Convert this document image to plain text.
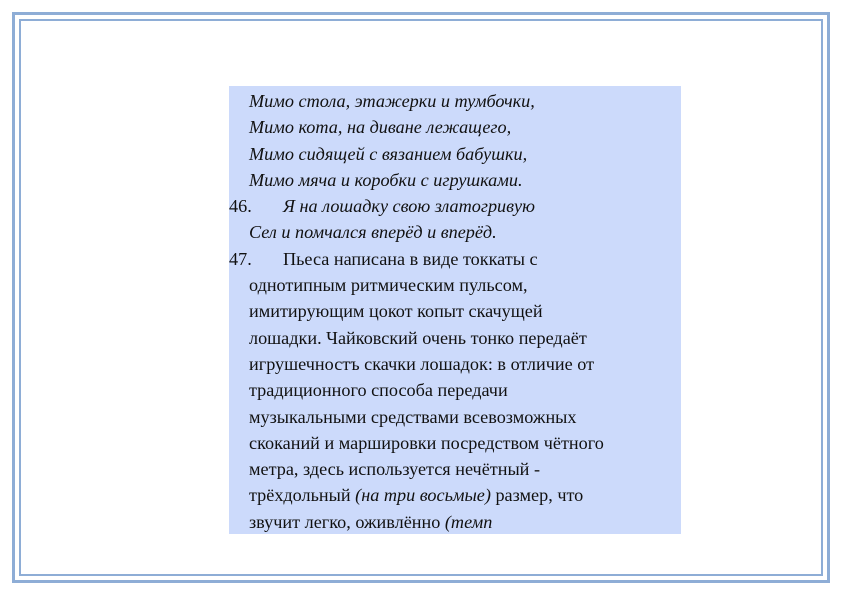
Мимо стола, этажерки и тумбочки,
Мимо кота, на диване лежащего,
Мимо сидящей с вязанием бабушки,
Мимо мяча и коробки с игрушками.
46. Я на лошадку свою златогривую
Сел и помчался вперёд и вперёд.
47. Пьеса написана в виде токкаты с
однотипным ритмическим пульсом,
имитирующим цокот копыт скачущей
лошадки. Чайковский очень тонко передаёт
игрушечностъ скачки лошадок: в отличие от
традиционного способа передачи
музыкальными средствами всевозможных
скоканий и маршировки посредством чётного
метра, здесь используется нечётный -
трёхдольный (на три восьмые) размер, что
звучит легко, оживлённо (темп
